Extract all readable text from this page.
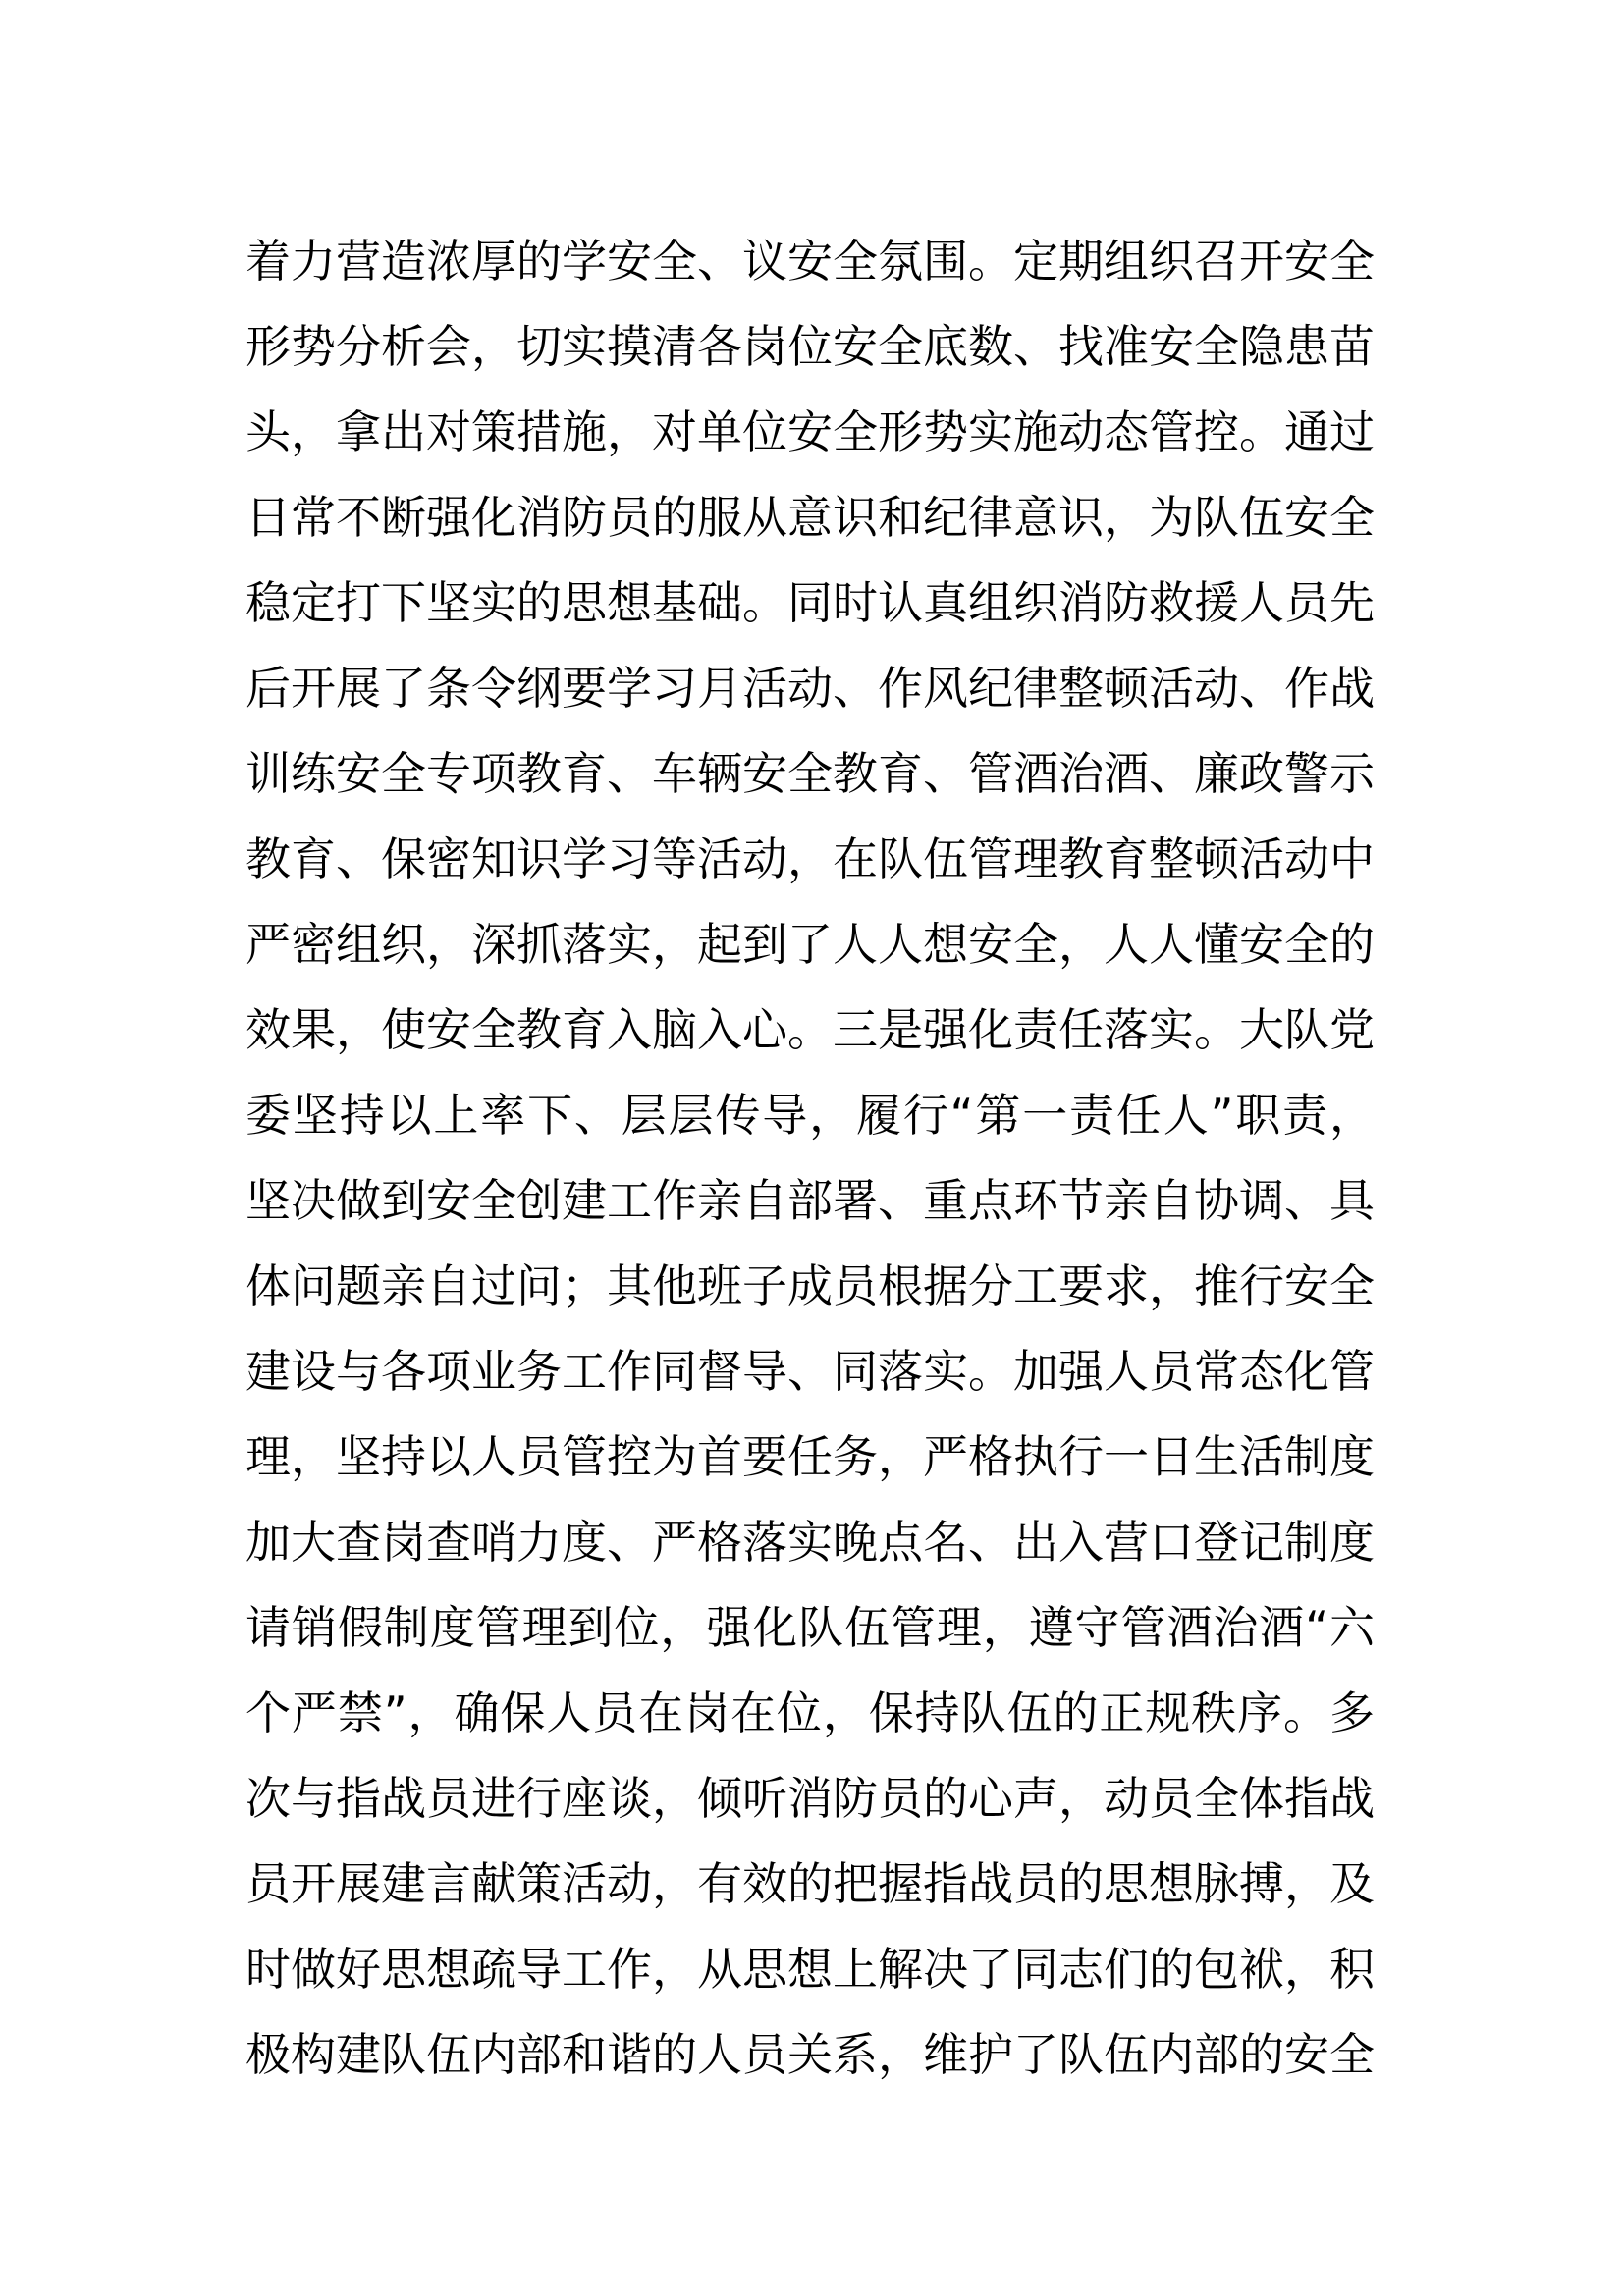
着 力 营 造 浓 厚 的 学 安 全 、 议 安 全 氛 围 。 定 期 组 织 召 开 安 全
形 势 分 析 会 ， 切 实 摸 清 各 岗 位 安 全 底 数 、 找 准 安 全 隐 患 苗
头 ， 拿 出 对 策 措 施 ， 对 单 位 安 全 形 势 实 施 动 态 管 控 。 通 过
日 常 不 断 强 化 消 防 员 的 服 从 意 识 和 纪 律 意 识 ， 为 队 伍 安 全
稳 定 打 下 坚 实 的 思 想 基 础 。 同 时 认 真 组 织 消 防 救 援 人 员 先
后 开 展 了 条 令 纲 要 学 习 月 活 动 、 作 风 纪 律 整 顿 活 动 、 作 战
训 练 安 全 专 项 教 育 、 车 辆 安 全 教 育 、 管 酒 治 酒 、 廉 政 警 示
教 育 、 保 密 知 识 学 习 等 活 动 ， 在 队 伍 管 理 教 育 整 顿 活 动 中
严 密 组 织 ， 深 抓 落 实 ， 起 到 了 人 人 想 安 全 ， 人 人 懂 安 全 的
效 果 ， 使 安 全 教 育 入 脑 入 心 。 三 是 强 化 责 任 落 实 。 大 队 党
委 坚 持 以 上 率 下 、 层 层 传 导 ， 履 行 “ 第 一 责 任 人 ” 职 责 ，
坚 决 做 到 安 全 创 建 工 作 亲 自 部 署 、 重 点 环 节 亲 自 协 调 、 具
体 问 题 亲 自 过 问 ； 其 他 班 子 成 员 根 据 分 工 要 求 ， 推 行 安 全
建 设 与 各 项 业 务 工 作 同 督 导 、 同 落 实 。 加 强 人 员 常 态 化 管
理 ， 坚 持 以 人 员 管 控 为 首 要 任 务 ， 严 格 执 行 一 日 生 活 制 度
加 大 查 岗 查 哨 力 度 、 严 格 落 实 晚 点 名 、 出 入 营 口 登 记 制 度
请 销 假 制 度 管 理 到 位 ， 强 化 队 伍 管 理 ， 遵 守 管 酒 治 酒 “ 六
个 严 禁 ” ， 确 保 人 员 在 岗 在 位 ， 保 持 队 伍 的 正 规 秩 序 。 多
次 与 指 战 员 进 行 座 谈 ， 倾 听 消 防 员 的 心 声 ， 动 员 全 体 指 战
员 开 展 建 言 献 策 活 动 ， 有 效 的 把 握 指 战 员 的 思 想 脉 搏 ， 及
时 做 好 思 想 疏 导 工 作 ， 从 思 想 上 解 决 了 同 志 们 的 包 袱 ， 积
极 构 建 队 伍 内 部 和 谐 的 人 员 关 系 ， 维 护 了 队 伍 内 部 的 安 全
